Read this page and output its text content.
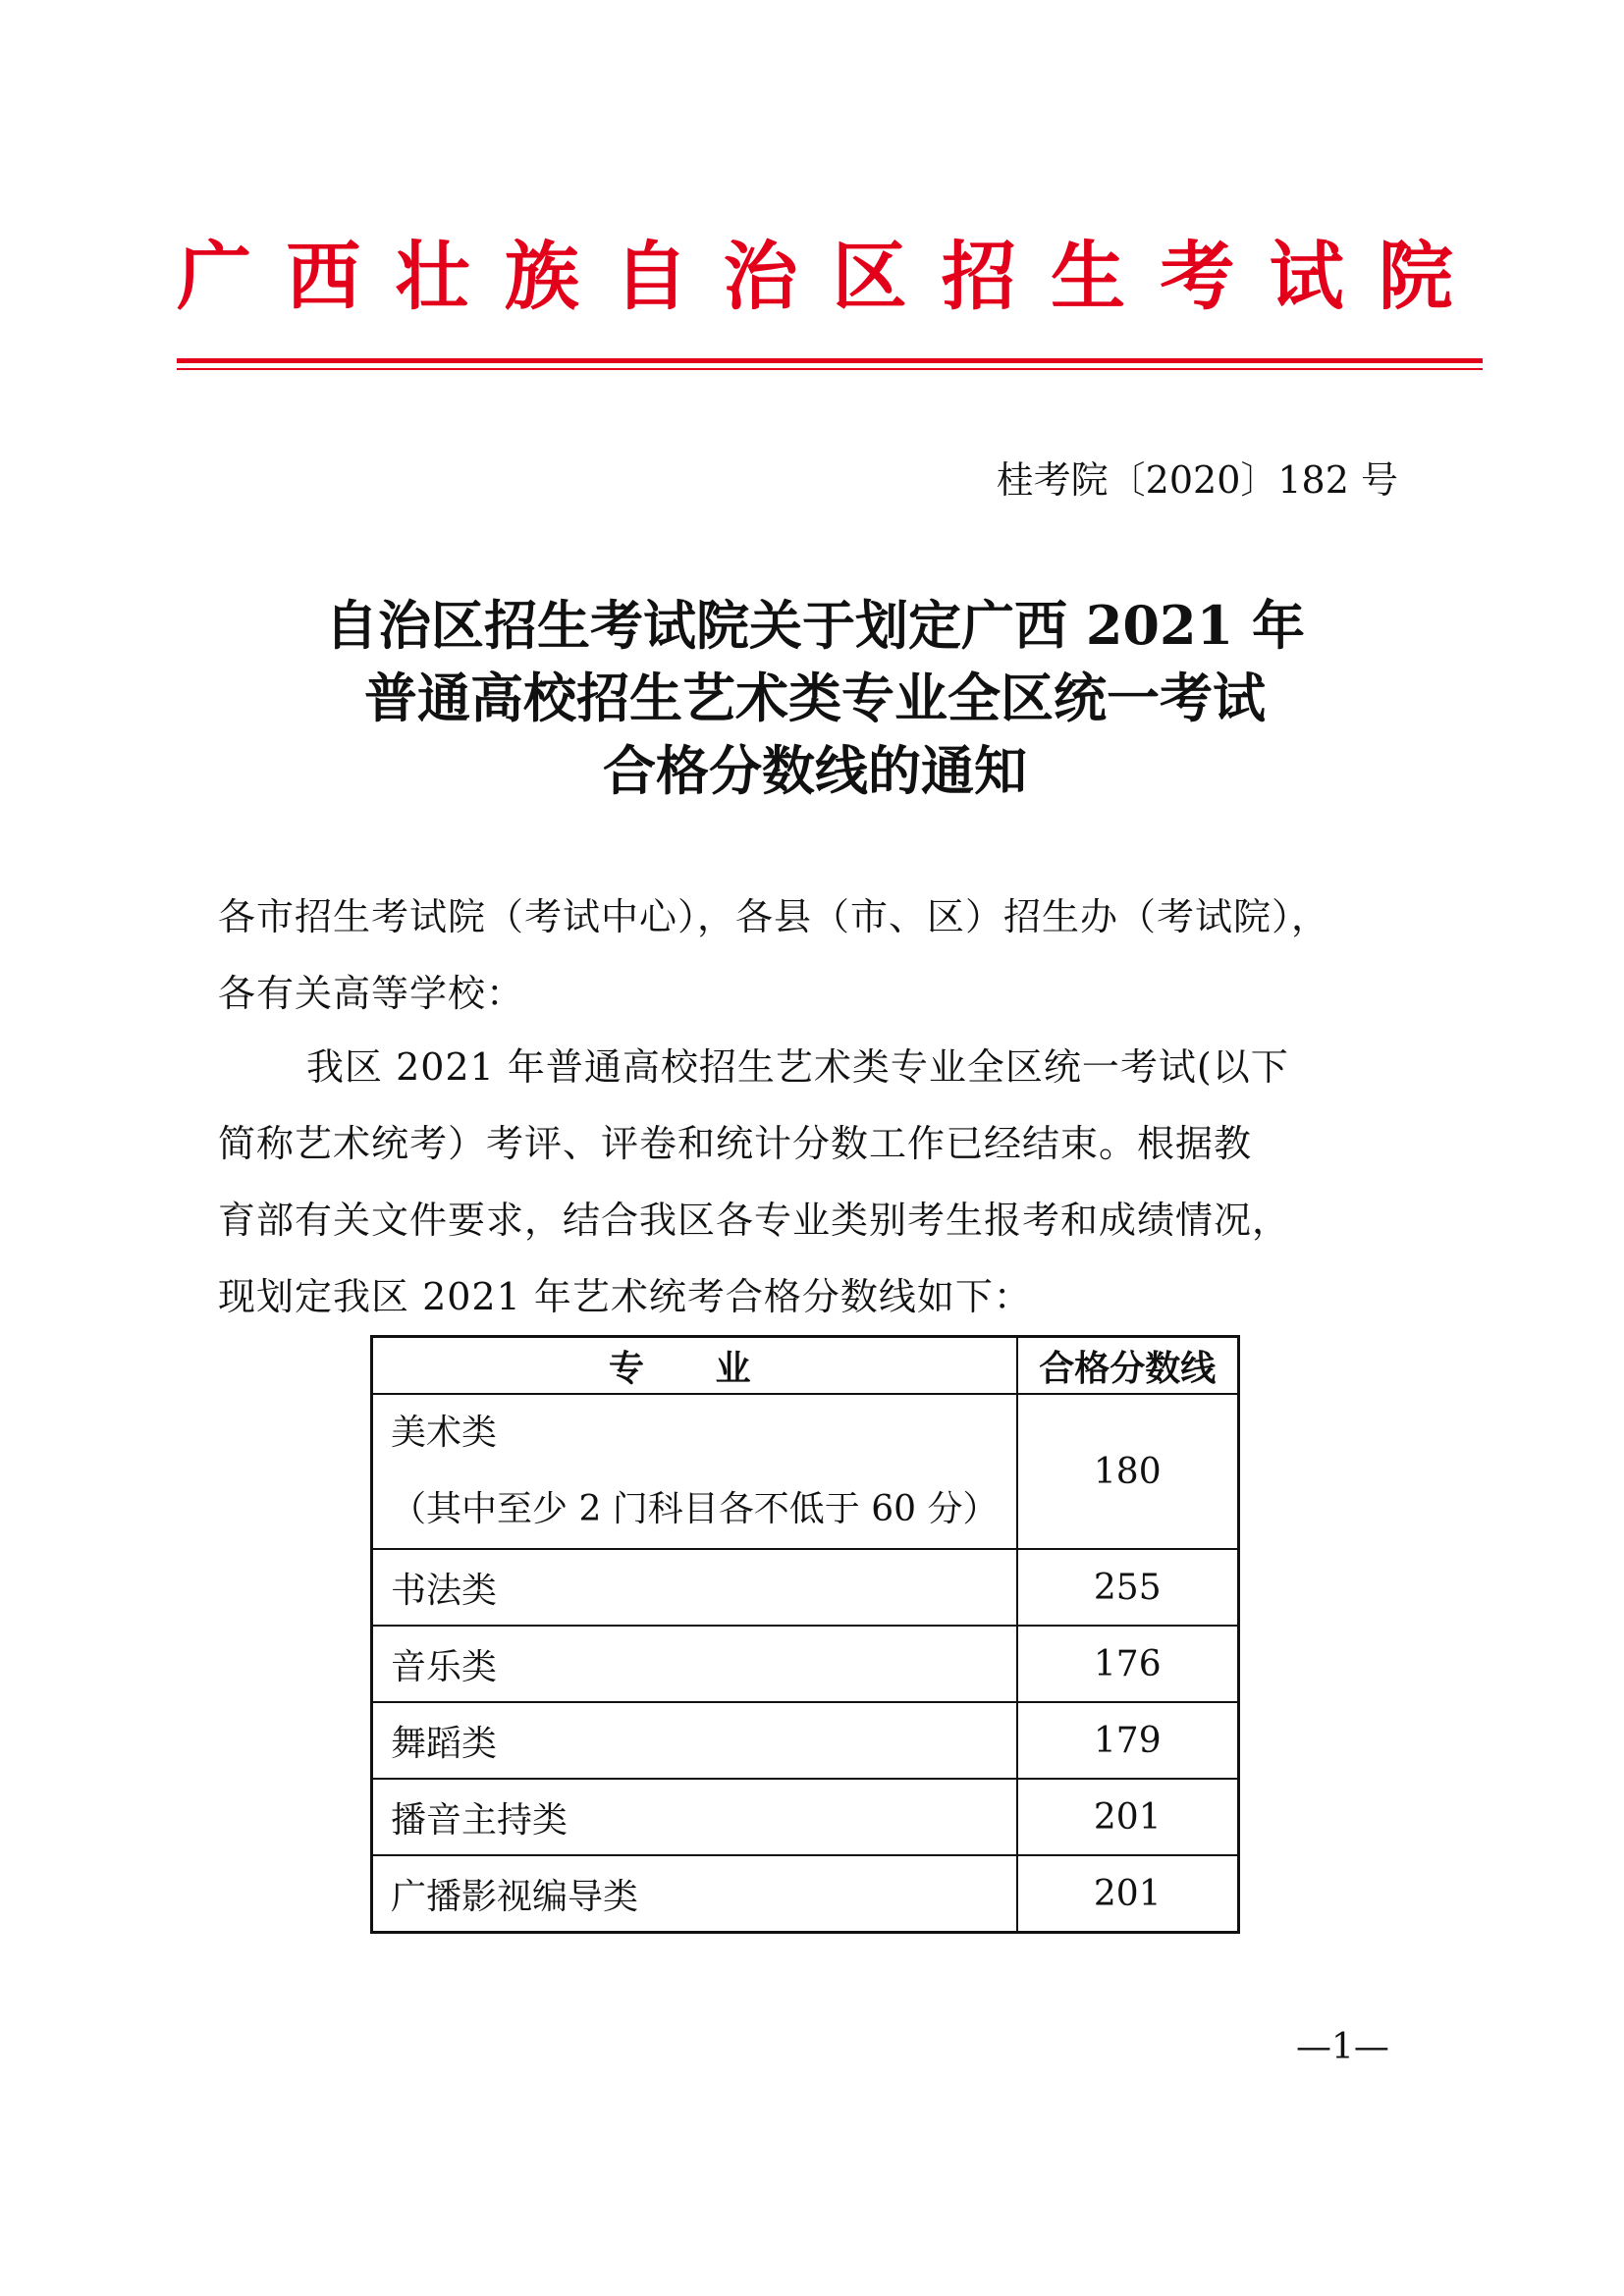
广 西 壮 族 自 治 区 招 生 考 试 院
桂考院〔2020〕182 号
自治区招生考试院关于划定广西 2021 年
普通高校招生艺术类专业全区统一考试
合格分数线的通知
各市招生考试院（考试中心），各县（市、区）招生办（考试院），
各有关高等学校：
我区 2021 年普通高校招生艺术类专业全区统一考试(以下
简称艺术统考）考评、评卷和统计分数工作已经结束。根据教
育部有关文件要求，结合我区各专业类别考生报考和成绩情况，
现划定我区 2021 年艺术统考合格分数线如下：
专 业	合格分数线

美术类
（其中至少 2 门科目各不低于 60 分）	180
书法类	255
音乐类	176
舞蹈类	179
播音主持类	201
广播影视编导类	201
—1—
